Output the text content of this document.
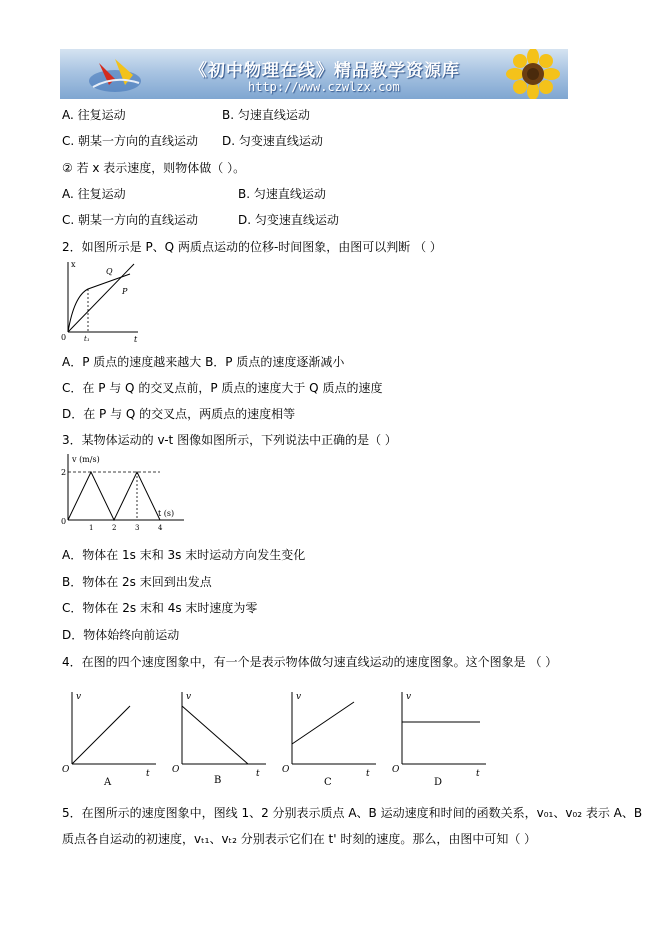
《初中物理在线》精品教学资源库
http://www.czwlzx.com
A. 往复运动	B. 匀速直线运动
C. 朝某一方向的直线运动 D. 匀变速直线运动
② 若 x 表示速度，则物体做（ ）。
A. 往复运动	B. 匀速直线运动
C. 朝某一方向的直线运动	D. 匀变速直线运动
2．如图所示是 P、Q 两质点运动的位移-时间图象，由图可以判断 （ ）
x
t
0	t₁
P
Q
A．P 质点的速度越来越大 B．P 质点的速度逐渐减小
C．在 P 与 Q 的交叉点前，P 质点的速度大于 Q 质点的速度
D．在 P 与 Q 的交叉点，两质点的速度相等
3．某物体运动的 v-t 图像如图所示，下列说法中正确的是（ ）
v (m/s)
t (s)
0
2
1	2	3	4
A．物体在 1s 末和 3s 末时运动方向发生变化
B．物体在 2s 末回到出发点
C．物体在 2s 末和 4s 末时速度为零
D．物体始终向前运动
4．在图的四个速度图象中，有一个是表示物体做匀速直线运动的速度图象。这个图象是 （ ）
v
t
O
A
v
t
O
B
v
t
O
C
v
t
O
D
5．在图所示的速度图象中，图线 1、2 分别表示质点 A、B 运动速度和时间的函数关系，v₀₁、v₀₂ 表示 A、B
质点各自运动的初速度，vₜ₁、vₜ₂ 分别表示它们在 t' 时刻的速度。那么，由图中可知（ ）
